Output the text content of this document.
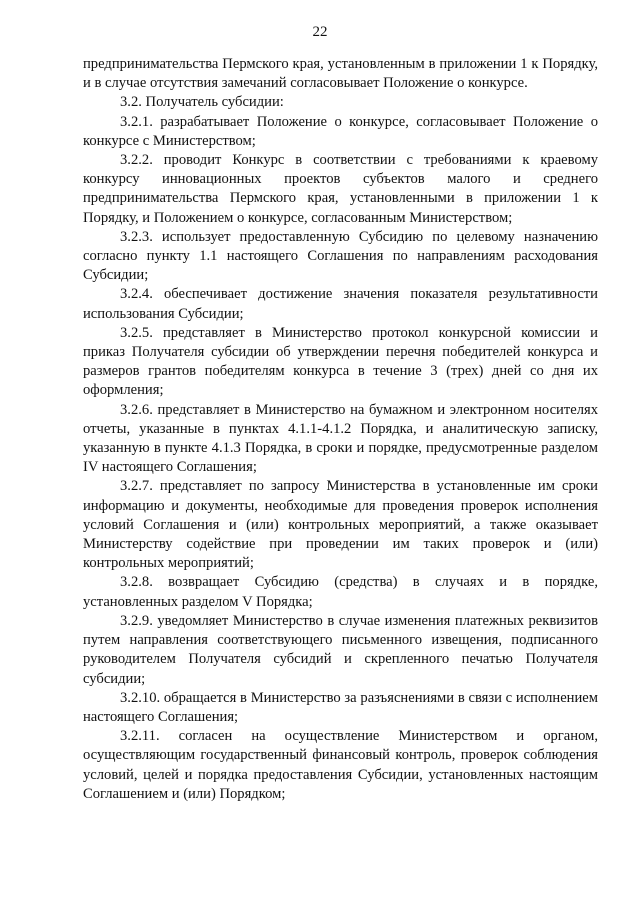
22

предпринимательства Пермского края, установленным в приложении 1 к Порядку, и в случае отсутствия замечаний согласовывает Положение о конкурсе.

3.2. Получатель субсидии:

3.2.1. разрабатывает Положение о конкурсе, согласовывает Положение о конкурсе с Министерством;

3.2.2. проводит Конкурс в соответствии с требованиями к краевому конкурсу инновационных проектов субъектов малого и среднего предпринимательства Пермского края, установленными в приложении 1 к Порядку, и Положением о конкурсе, согласованным Министерством;

3.2.3. использует предоставленную Субсидию по целевому назначению согласно пункту 1.1 настоящего Соглашения по направлениям расходования Субсидии;

3.2.4. обеспечивает достижение значения показателя результативности использования Субсидии;

3.2.5. представляет в Министерство протокол конкурсной комиссии и приказ Получателя субсидии об утверждении перечня победителей конкурса и размеров грантов победителям конкурса в течение 3 (трех) дней со дня их оформления;

3.2.6. представляет в Министерство на бумажном и электронном носителях отчеты, указанные в пунктах 4.1.1-4.1.2 Порядка, и аналитическую записку, указанную в пункте 4.1.3 Порядка, в сроки и порядке, предусмотренные разделом IV настоящего Соглашения;

3.2.7. представляет по запросу Министерства в установленные им сроки информацию и документы, необходимые для проведения проверок исполнения условий Соглашения и (или) контрольных мероприятий, а также оказывает Министерству содействие при проведении им таких проверок и (или) контрольных мероприятий;

3.2.8. возвращает Субсидию (средства) в случаях и в порядке, установленных разделом V Порядка;

3.2.9. уведомляет Министерство в случае изменения платежных реквизитов путем направления соответствующего письменного извещения, подписанного руководителем Получателя субсидий и скрепленного печатью Получателя субсидии;

3.2.10. обращается в Министерство за разъяснениями в связи с исполнением настоящего Соглашения;

3.2.11. согласен на осуществление Министерством и органом, осуществляющим государственный финансовый контроль, проверок соблюдения условий, целей и порядка предоставления Субсидии, установленных настоящим Соглашением и (или) Порядком;
